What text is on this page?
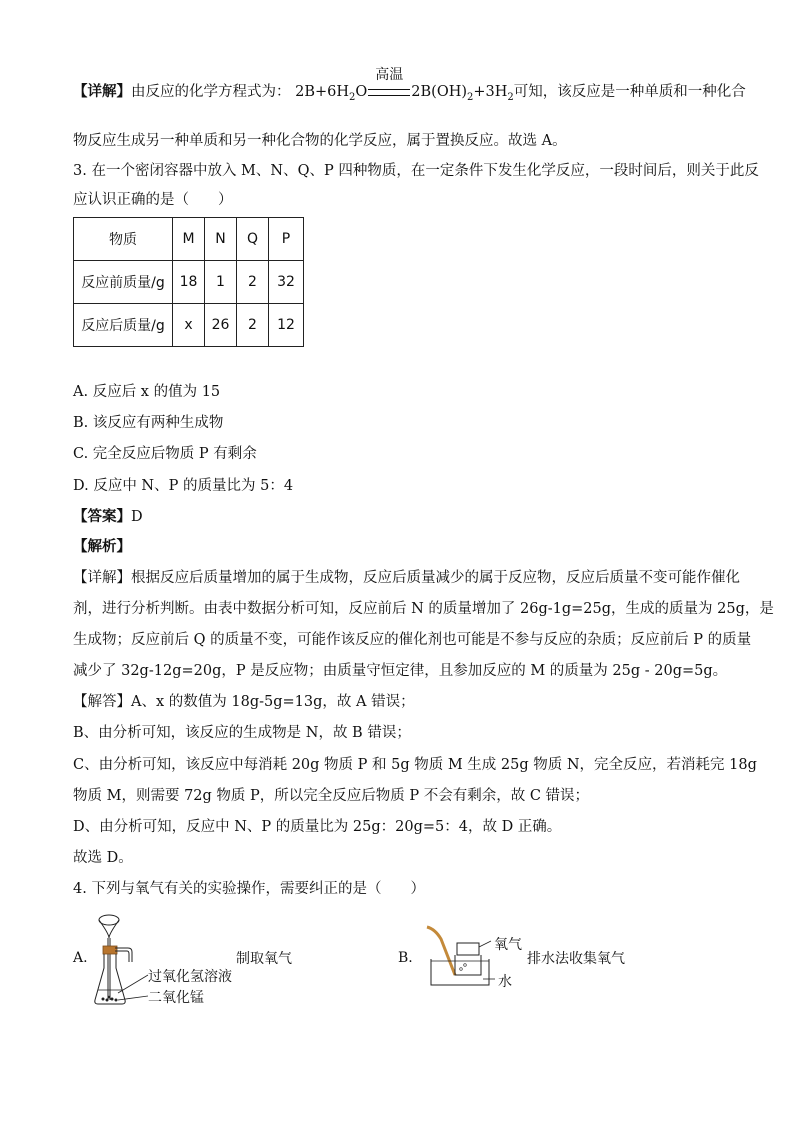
【详解】由反应的化学方程式为： $2B+6H_2O$
高温
$2B(OH)_2+3H_2$可知，该反应是一种单质和一种化合
物反应生成另一种单质和另一种化合物的化学反应，属于置换反应。故选 A。
3. 在一个密闭容器中放入 M、N、Q、P 四种物质，在一定条件下发生化学反应，一段时间后，则关于此反
应认识正确的是（　　）
物质	M	N	Q	P
反应前质量/g	18	1	2	32
反应后质量/g	x	26	2	12
A. 反应后 x 的值为 15
B. 该反应有两种生成物
C. 完全反应后物质 P 有剩余
D. 反应中 N、P 的质量比为 5：4
【答案】D
【解析】
【详解】根据反应后质量增加的属于生成物，反应后质量减少的属于反应物，反应后质量不变可能作催化
剂，进行分析判断。由表中数据分析可知，反应前后 N 的质量增加了 26g-1g=25g，生成的质量为 25g，是
生成物；反应前后 Q 的质量不变，可能作该反应的催化剂也可能是不参与反应的杂质；反应前后 P 的质量
减少了 32g-12g=20g，P 是反应物；由质量守恒定律，且参加反应的 M 的质量为 25g - 20g=5g。
【解答】A、x 的数值为 18g-5g=13g，故 A 错误；
B、由分析可知，该反应的生成物是 N，故 B 错误；
C、由分析可知，该反应中每消耗 20g 物质 P 和 5g 物质 M 生成 25g 物质 N，完全反应，若消耗完 18g
物质 M，则需要 72g 物质 P，所以完全反应后物质 P 不会有剩余，故 C 错误；
D、由分析可知，反应中 N、P 的质量比为 25g：20g=5：4，故 D 正确。
故选 D。
4. 下列与氧气有关的实验操作，需要纠正的是（　　）
A.
过氧化氢溶液
二氧化锰
制取氧气	B.
氧气
水
排水法收集氧气
